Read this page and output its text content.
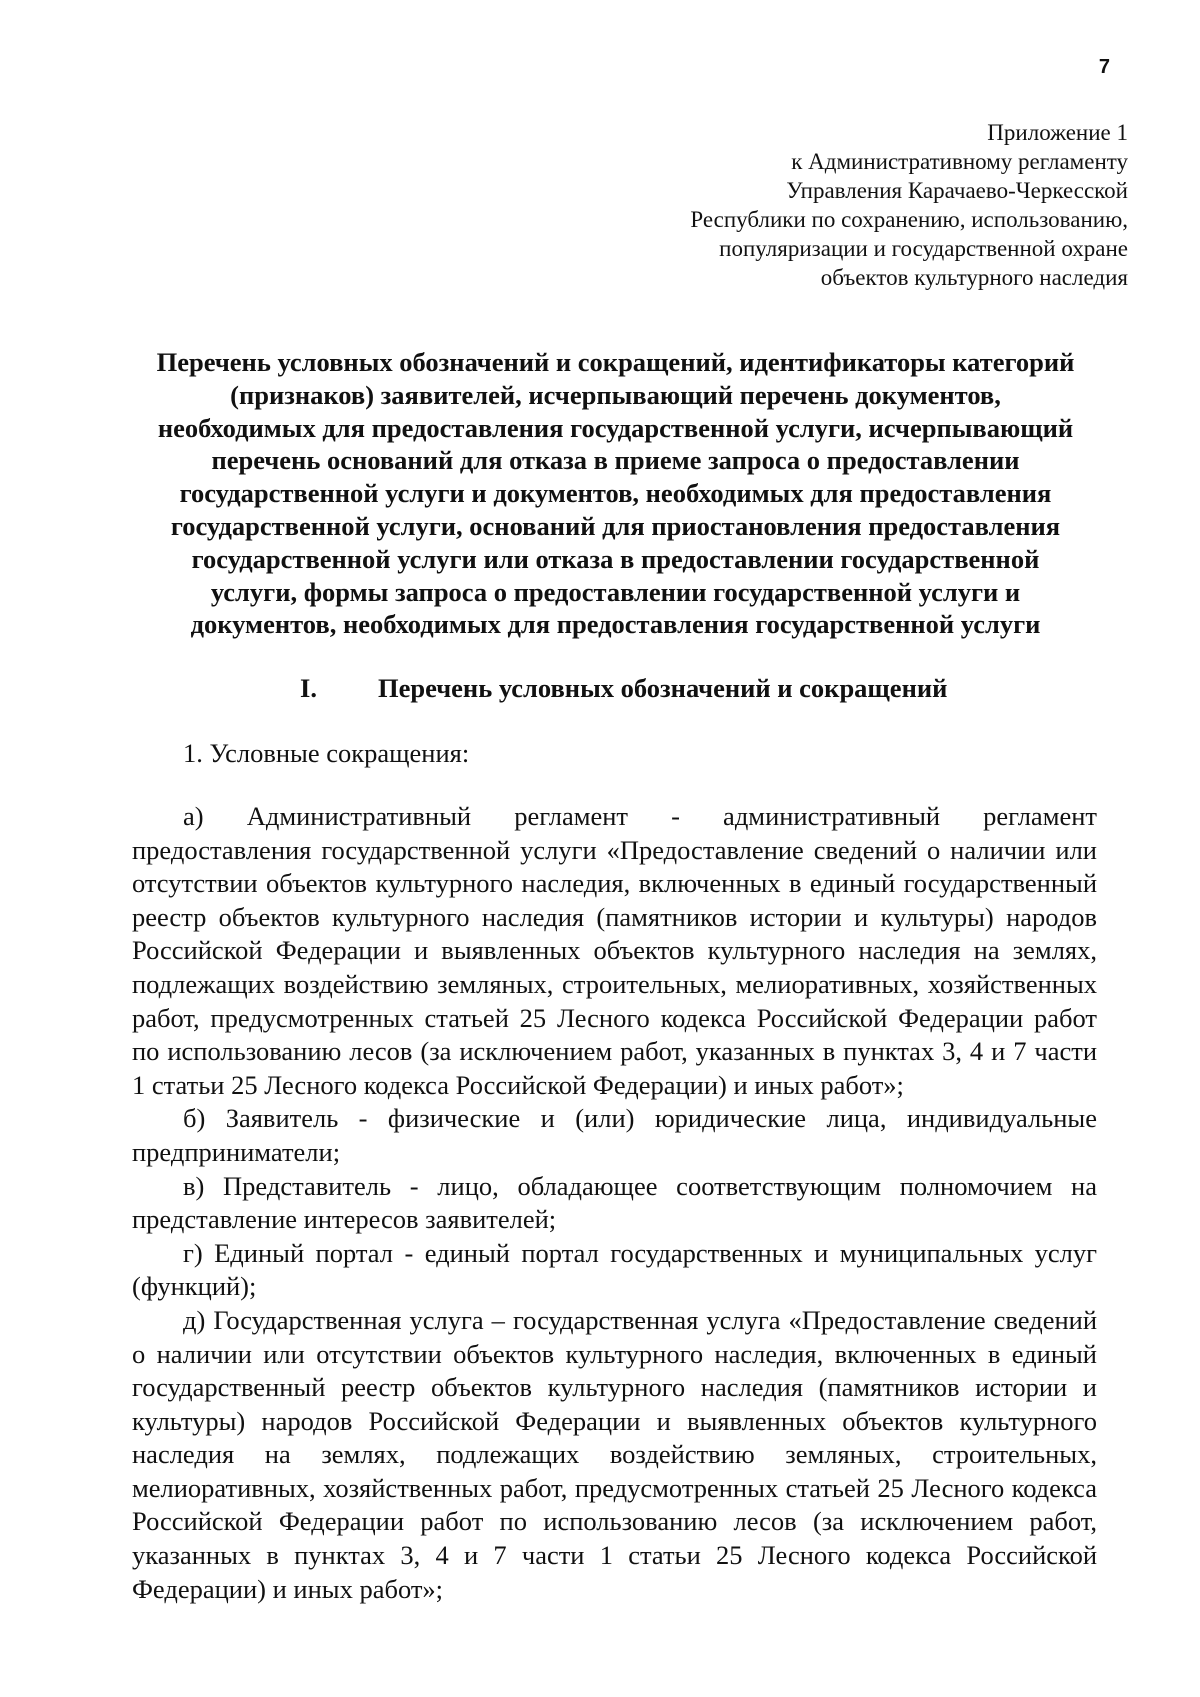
7
Приложение 1
к Административному регламенту
Управления Карачаево-Черкесской
Республики по сохранению, использованию,
популяризации и государственной охране
объектов культурного наследия
Перечень условных обозначений и сокращений, идентификаторы категорий
(признаков) заявителей, исчерпывающий перечень документов,
необходимых для предоставления государственной услуги, исчерпывающий
перечень оснований для отказа в приеме запроса о предоставлении
государственной услуги и документов, необходимых для предоставления
государственной услуги, оснований для приостановления предоставления
государственной услуги или отказа в предоставлении государственной
услуги, формы запроса о предоставлении государственной услуги и
документов, необходимых для предоставления государственной услуги
I. Перечень условных обозначений и сокращений
1. Условные сокращения:

а) Административный регламент - административный регламент предоставления государственной услуги «Предоставление сведений о наличии или отсутствии объектов культурного наследия, включенных в единый государственный реестр объектов культурного наследия (памятников истории и культуры) народов Российской Федерации и выявленных объектов культурного наследия на землях, подлежащих воздействию земляных, строительных, мелиоративных, хозяйственных работ, предусмотренных статьей 25 Лесного кодекса Российской Федерации работ по использованию лесов (за исключением работ, указанных в пунктах 3, 4 и 7 части 1 статьи 25 Лесного кодекса Российской Федерации) и иных работ»;

б) Заявитель - физические и (или) юридические лица, индивидуальные предприниматели;

в) Представитель - лицо, обладающее соответствующим полномочием на представление интересов заявителей;

г) Единый портал - единый портал государственных и муниципальных услуг (функций);

д) Государственная услуга – государственная услуга «Предоставление сведений о наличии или отсутствии объектов культурного наследия, включенных в единый государственный реестр объектов культурного наследия (памятников истории и культуры) народов Российской Федерации и выявленных объектов культурного наследия на землях, подлежащих воздействию земляных, строительных, мелиоративных, хозяйственных работ, предусмотренных статьей 25 Лесного кодекса Российской Федерации работ по использованию лесов (за исключением работ, указанных в пунктах 3, 4 и 7 части 1 статьи 25 Лесного кодекса Российской Федерации) и иных работ»;
